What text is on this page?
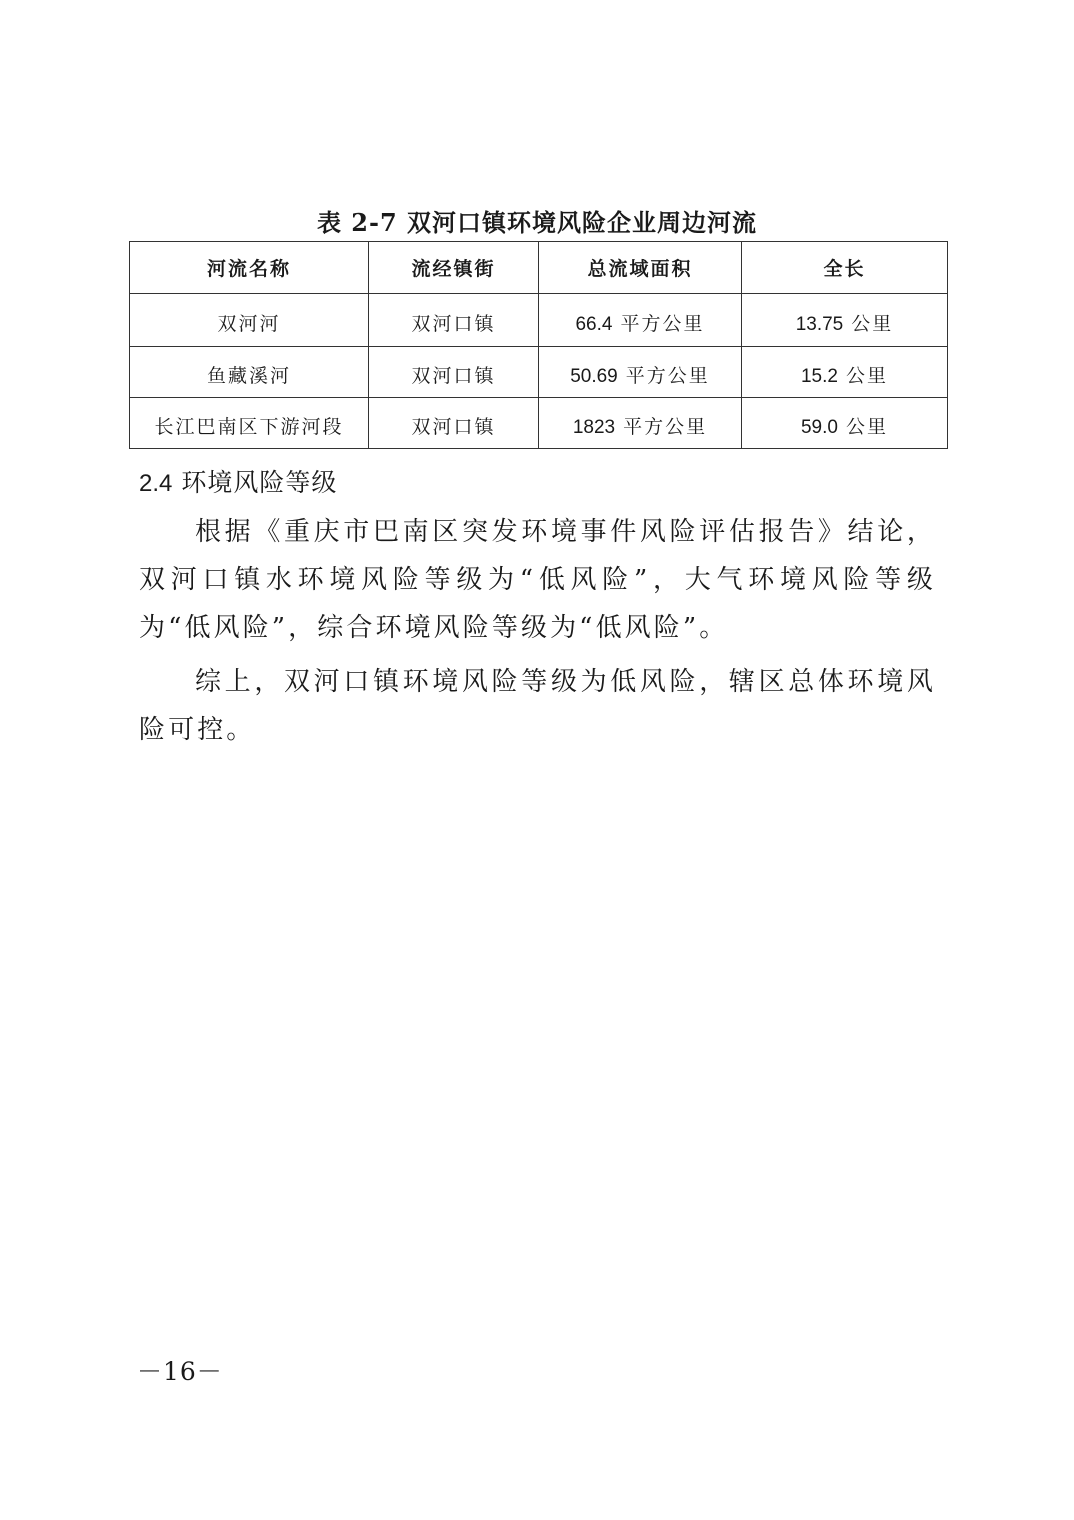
表 2-7 双河口镇环境风险企业周边河流
河流名称	流经镇街	总流域面积	全长
双河河	双河口镇	66.4 平方公里	13.75 公里
鱼藏溪河	双河口镇	50.69 平方公里	15.2 公里
长江巴南区下游河段	双河口镇	1823 平方公里	59.0 公里
2.4 环境风险等级

根据《重庆市巴南区突发环境事件风险评估报告》结论，双河口镇水环境风险等级为“低风险”，大气环境风险等级为“低风险”，综合环境风险等级为“低风险”。

综上，双河口镇环境风险等级为低风险，辖区总体环境风险可控。

－16－
